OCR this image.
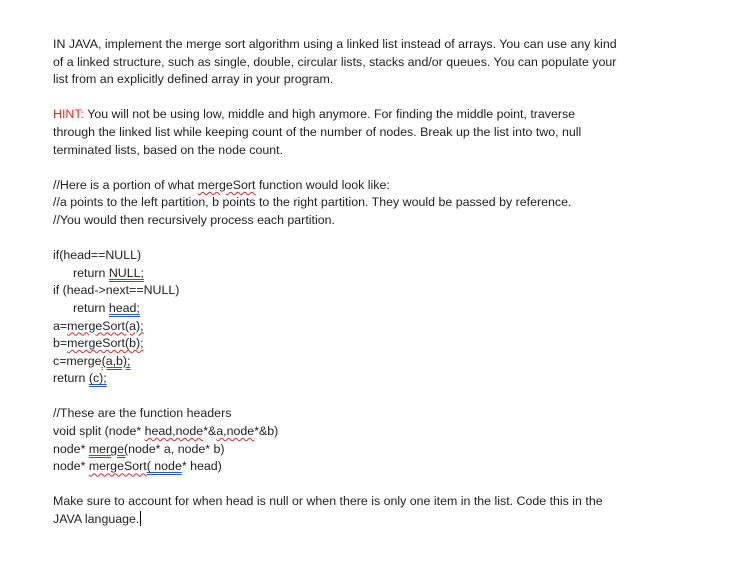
IN JAVA, implement the merge sort algorithm using a linked list instead of arrays. You can use any kind
of a linked structure, such as single, double, circular lists, stacks and/or queues. You can populate your
list from an explicitly defined array in your program.
HINT: You will not be using low, middle and high anymore. For finding the middle point, traverse
through the linked list while keeping count of the number of nodes. Break up the list into two, null
terminated lists, based on the node count.
//Here is a portion of what mergeSort function would look like:
//a points to the left partition, b points to the right partition. They would be passed by reference.
//You would then recursively process each partition.
if(head==NULL)
return NULL;
if (head->next==NULL)
return head;
a=mergeSort(a);
b=mergeSort(b);
c=merge(a,b);
return (c);
//These are the function headers
void split (node* head,node*&a,node*&b)
node* merge(node* a, node* b)
node* mergeSort( node* head)
Make sure to account for when head is null or when there is only one item in the list. Code this in the
JAVA language.
